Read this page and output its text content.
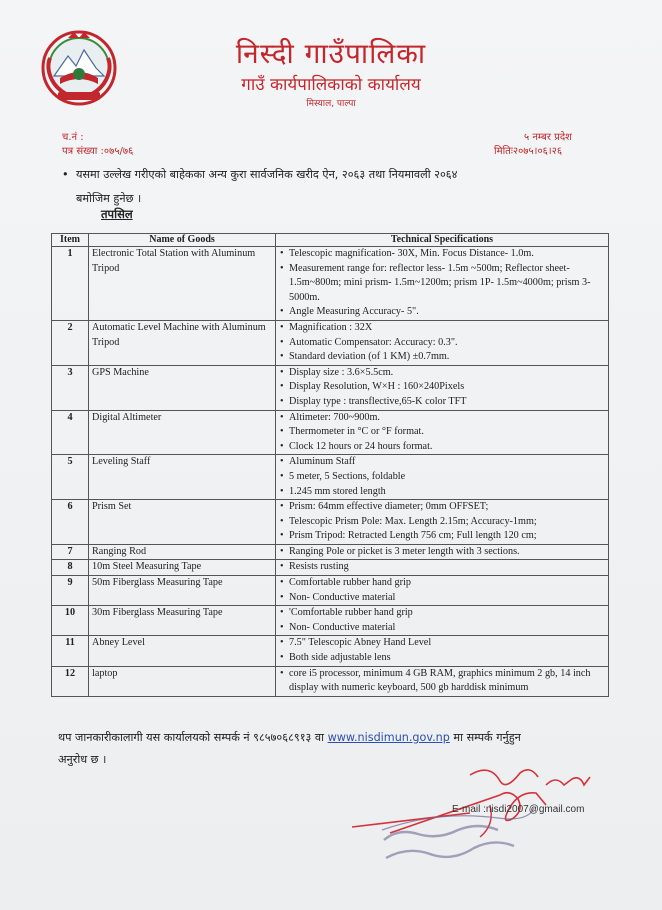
निस्दी गाउँपालिका
गाउँ कार्यपालिकाको कार्यालय
मिस्याल, पाल्पा
च.नं :
पत्र संख्या :०७५/७६
५ नम्बर प्रदेश
मितिः२०७५।०६।२६
• यसमा उल्लेख गरीएको बाहेकका अन्य कुरा सार्वजनिक खरीद ऐन, २०६३ तथा नियमावली २०६४
बमोजिम हुनेछ ।
तपसिल
Item	Name of Goods	Technical Specifications
1	Electronic Total Station with Aluminum Tripod	• Telescopic magnification- 30X, Min. Focus Distance- 1.0m.
• Measurement range for: reflector less- 1.5m ~500m; Reflector sheet- 1.5m~800m; mini prism- 1.5m~1200m; prism 1P- 1.5m~4000m; prism 3- 5000m.
• Angle Measuring Accuracy- 5".

2	Automatic Level Machine with Aluminum Tripod	• Magnification : 32X
• Automatic Compensator: Accuracy: 0.3".
• Standard deviation (of 1 KM) ±0.7mm.

3	GPS Machine	• Display size : 3.6×5.5cm.
• Display Resolution, W×H : 160×240Pixels
• Display type : transflective,65-K color TFT

4	Digital Altimeter	• Altimeter: 700~900m.
• Thermometer in °C or °F format.
• Clock 12 hours or 24 hours format.

5	Leveling Staff	• Aluminum Staff
• 5 meter, 5 Sections, foldable
• 1.245 mm stored length

6	Prism Set	• Prism: 64mm effective diameter; 0mm OFFSET;
• Telescopic Prism Pole: Max. Length 2.15m; Accuracy-1mm;
• Prism Tripod: Retracted Length 756 cm; Full length 120 cm;

7	Ranging Rod	• Ranging Pole or picket is 3 meter length with 3 sections.

8	10m Steel Measuring Tape	• Resists rusting

9	50m Fiberglass Measuring Tape	• Comfortable rubber hand grip
• Non- Conductive material

10	30m Fiberglass Measuring Tape	• 'Comfortable rubber hand grip
• Non- Conductive material

11	Abney Level	• 7.5" Telescopic Abney Hand Level
• Both side adjustable lens

12	laptop	• core i5 processor, minimum 4 GB RAM, graphics minimum 2 gb, 14 inch display with numeric keyboard, 500 gb harddisk minimum
थप जानकारीकालागी यस कार्यालयको सम्पर्क नं ९८५७०६८९१३ वा www.nisdimun.gov.np मा सम्पर्क गर्नुहुन
अनुरोध छ ।
E-mail :nisdi2007@gmail.com
